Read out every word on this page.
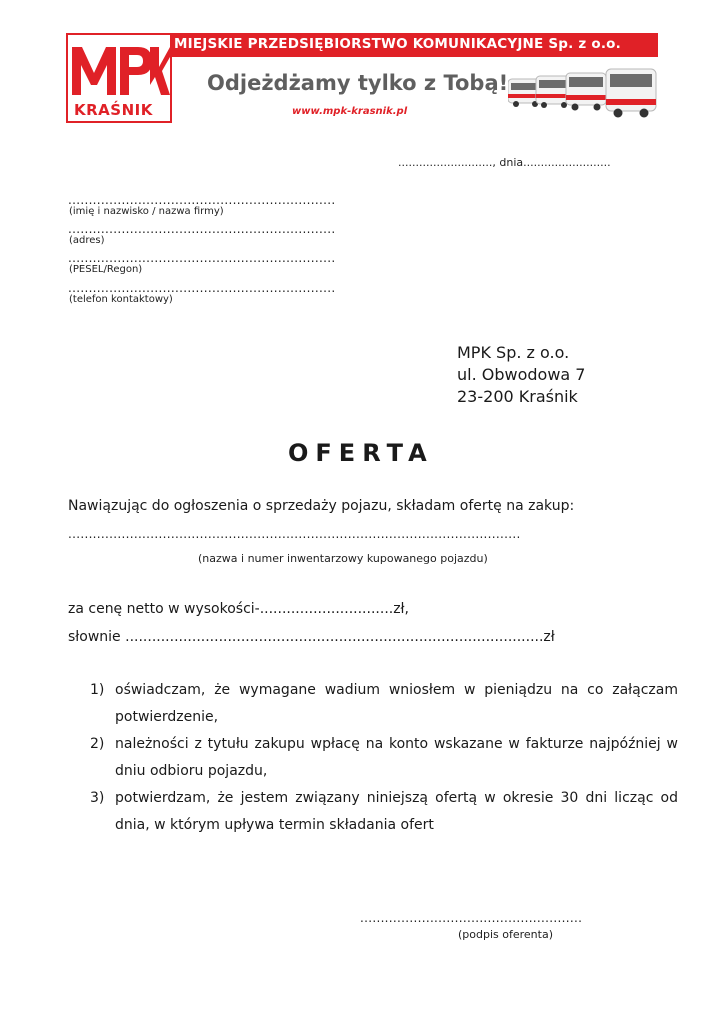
KRAŚNIK
MIEJSKIE PRZEDSIĘBIORSTWO KOMUNIKACYJNE Sp. z o.o.
Odjeżdżamy tylko z Tobą!
www.mpk-krasnik.pl
..........................., dnia.........................
.................................................................
(imię i nazwisko / nazwa firmy)
.................................................................
(adres)
.................................................................
(PESEL/Regon)
.................................................................
(telefon kontaktowy)
MPK Sp. z o.o.
ul. Obwodowa 7
23-200 Kraśnik
OFERTA
Nawiązując do ogłoszenia o sprzedaży pojazu, składam ofertę na zakup:
..............................................................................................................
(nazwa i numer inwentarzowy kupowanego pojazdu)
za cenę netto w wysokości-..............................zł,
słownie ..............................................................................................zł
1) oświadczam, że wymagane wadium wniosłem w pieniądzu na co załączam potwierdzenie,
2) należności z tytułu zakupu wpłacę na konto wskazane w fakturze najpóźniej w dniu odbioru pojazdu,
3) potwierdzam, że jestem związany niniejszą ofertą w okresie 30 dni licząc od dnia, w którym upływa termin składania ofert
......................................................
(podpis oferenta)
